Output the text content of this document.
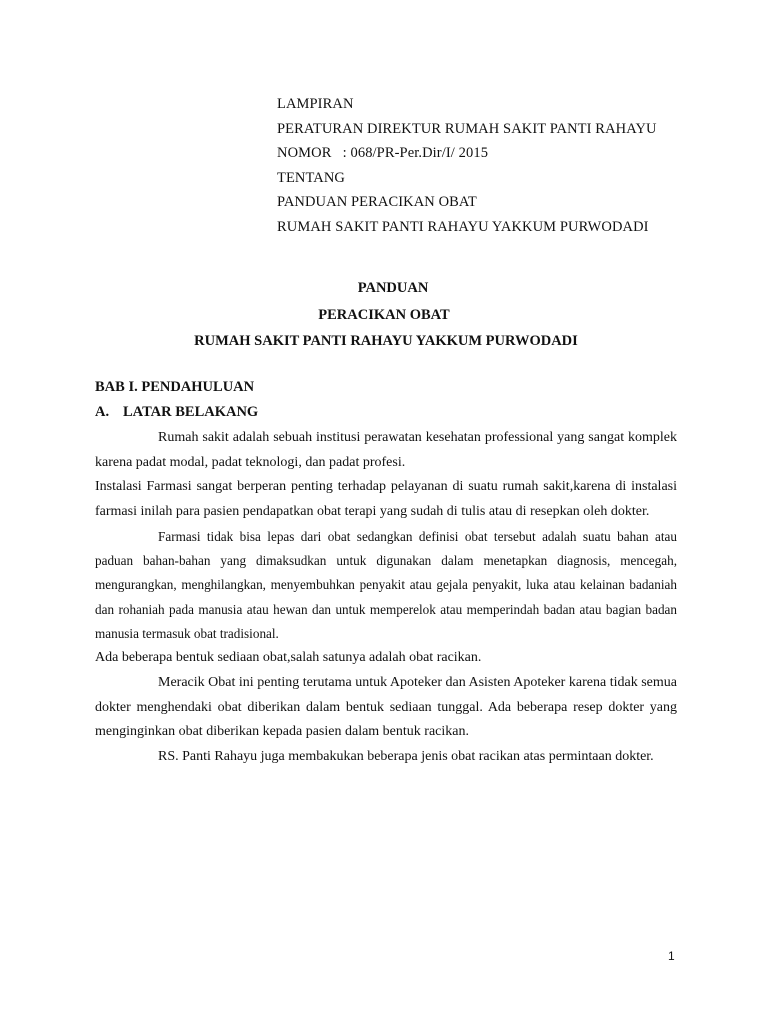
LAMPIRAN
PERATURAN DIREKTUR RUMAH SAKIT PANTI RAHAYU
NOMOR   : 068/PR-Per.Dir/I/ 2015
TENTANG
PANDUAN PERACIKAN OBAT
RUMAH SAKIT PANTI RAHAYU YAKKUM PURWODADI
PANDUAN
PERACIKAN OBAT
RUMAH SAKIT PANTI RAHAYU YAKKUM PURWODADI
BAB I. PENDAHULUAN
A. LATAR BELAKANG

Rumah sakit adalah sebuah institusi perawatan kesehatan professional yang sangat komplek karena padat modal, padat teknologi, dan padat profesi.

Instalasi Farmasi sangat berperan penting terhadap pelayanan di suatu rumah sakit,karena di instalasi farmasi inilah para pasien pendapatkan obat terapi yang sudah di tulis atau di resepkan oleh dokter.

Farmasi tidak bisa lepas dari obat sedangkan definisi obat tersebut adalah suatu bahan atau paduan bahan-bahan yang dimaksudkan untuk digunakan dalam menetapkan diagnosis, mencegah, mengurangkan, menghilangkan, menyembuhkan penyakit atau gejala penyakit, luka atau kelainan badaniah dan rohaniah pada manusia atau hewan dan untuk memperelok atau memperindah badan atau bagian badan manusia termasuk obat tradisional.

Ada beberapa bentuk sediaan obat,salah satunya adalah obat racikan.

Meracik Obat ini penting terutama untuk Apoteker dan Asisten Apoteker karena tidak semua dokter menghendaki obat diberikan dalam bentuk sediaan tunggal. Ada beberapa resep dokter yang menginginkan obat diberikan kepada pasien dalam bentuk racikan.

RS. Panti Rahayu juga membakukan beberapa jenis obat racikan atas permintaan dokter.

1
